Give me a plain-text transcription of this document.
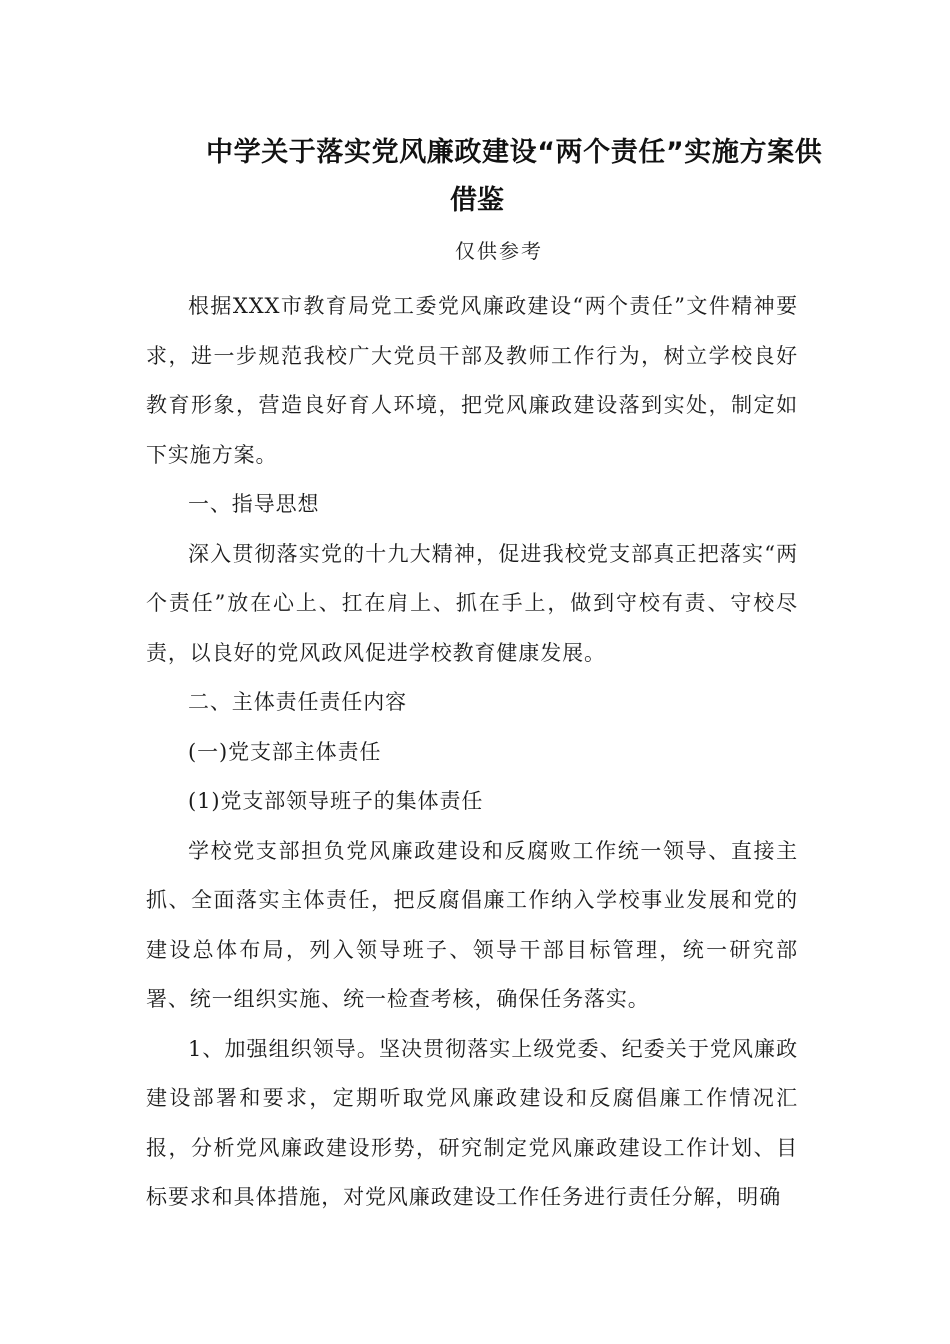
中学关于落实党风廉政建设“两个责任”实施方案供
借鉴
仅供参考

根据XXX市教育局党工委党风廉政建设“两个责任”文件精神要求，进一步规范我校广大党员干部及教师工作行为，树立学校良好教育形象，营造良好育人环境，把党风廉政建设落到实处，制定如下实施方案。

一、指导思想

深入贯彻落实党的十九大精神，促进我校党支部真正把落实“两个责任”放在心上、扛在肩上、抓在手上，做到守校有责、守校尽责，以良好的党风政风促进学校教育健康发展。

二、主体责任责任内容

(一)党支部主体责任

(1)党支部领导班子的集体责任

学校党支部担负党风廉政建设和反腐败工作统一领导、直接主抓、全面落实主体责任，把反腐倡廉工作纳入学校事业发展和党的建设总体布局，列入领导班子、领导干部目标管理，统一研究部署、统一组织实施、统一检查考核，确保任务落实。

1、加强组织领导。坚决贯彻落实上级党委、纪委关于党风廉政建设部署和要求，定期听取党风廉政建设和反腐倡廉工作情况汇报，分析党风廉政建设形势，研究制定党风廉政建设工作计划、目标要求和具体措施，对党风廉政建设工作任务进行责任分解，明确
